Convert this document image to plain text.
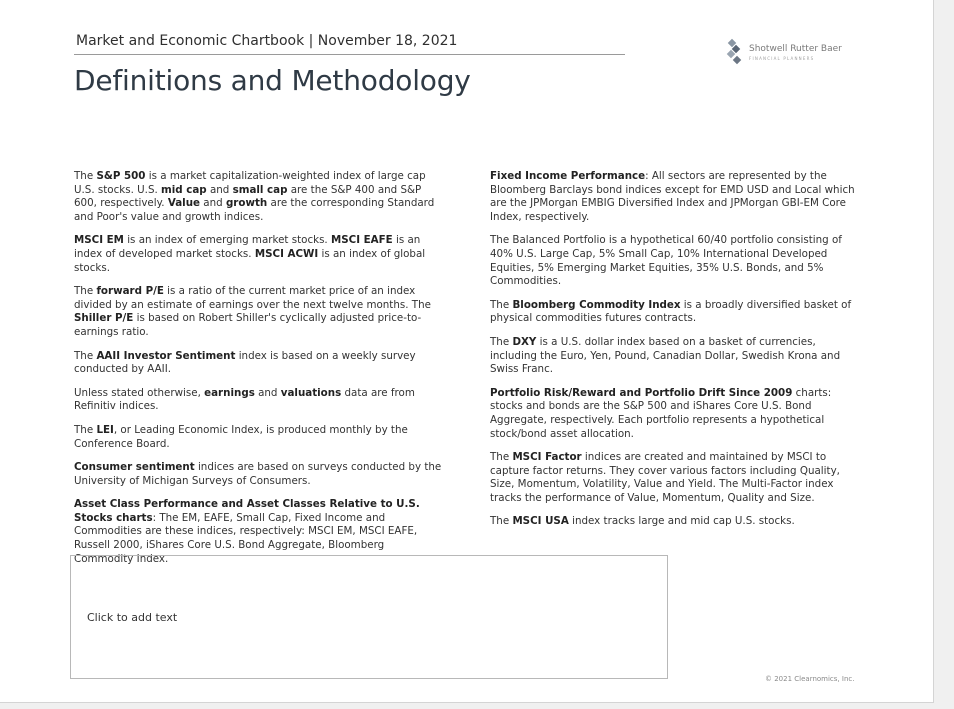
Market and Economic Chartbook | November 18, 2021	Shotwell Rutter Baer
FINANCIAL PLANNERS
Definitions and Methodology

The S&P 500 is a market capitalization-weighted index of large cap U.S. stocks. U.S. mid cap and small cap are the S&P 400 and S&P 600, respectively. Value and growth are the corresponding Standard and Poor's value and growth indices.

MSCI EM is an index of emerging market stocks. MSCI EAFE is an index of developed market stocks. MSCI ACWI is an index of global stocks.

The forward P/E is a ratio of the current market price of an index divided by an estimate of earnings over the next twelve months. The Shiller P/E is based on Robert Shiller's cyclically adjusted price-to-earnings ratio.

The AAII Investor Sentiment index is based on a weekly survey conducted by AAII.

Unless stated otherwise, earnings and valuations data are from Refinitiv indices.

The LEI, or Leading Economic Index, is produced monthly by the Conference Board.

Consumer sentiment indices are based on surveys conducted by the University of Michigan Surveys of Consumers.

Asset Class Performance and Asset Classes Relative to U.S. Stocks charts: The EM, EAFE, Small Cap, Fixed Income and Commodities are these indices, respectively: MSCI EM, MSCI EAFE, Russell 2000, iShares Core U.S. Bond Aggregate, Bloomberg Commodity Index.

Fixed Income Performance: All sectors are represented by the Bloomberg Barclays bond indices except for EMD USD and Local which are the JPMorgan EMBIG Diversified Index and JPMorgan GBI-EM Core Index, respectively.

The Balanced Portfolio is a hypothetical 60/40 portfolio consisting of 40% U.S. Large Cap, 5% Small Cap, 10% International Developed Equities, 5% Emerging Market Equities, 35% U.S. Bonds, and 5% Commodities.

The Bloomberg Commodity Index is a broadly diversified basket of physical commodities futures contracts.

The DXY is a U.S. dollar index based on a basket of currencies, including the Euro, Yen, Pound, Canadian Dollar, Swedish Krona and Swiss Franc.

Portfolio Risk/Reward and Portfolio Drift Since 2009 charts: stocks and bonds are the S&P 500 and iShares Core U.S. Bond Aggregate, respectively. Each portfolio represents a hypothetical stock/bond asset allocation.

The MSCI Factor indices are created and maintained by MSCI to capture factor returns. They cover various factors including Quality, Size, Momentum, Volatility, Value and Yield. The Multi-Factor index tracks the performance of Value, Momentum, Quality and Size.

The MSCI USA index tracks large and mid cap U.S. stocks.

Click to add text
© 2021 Clearnomics, Inc.
